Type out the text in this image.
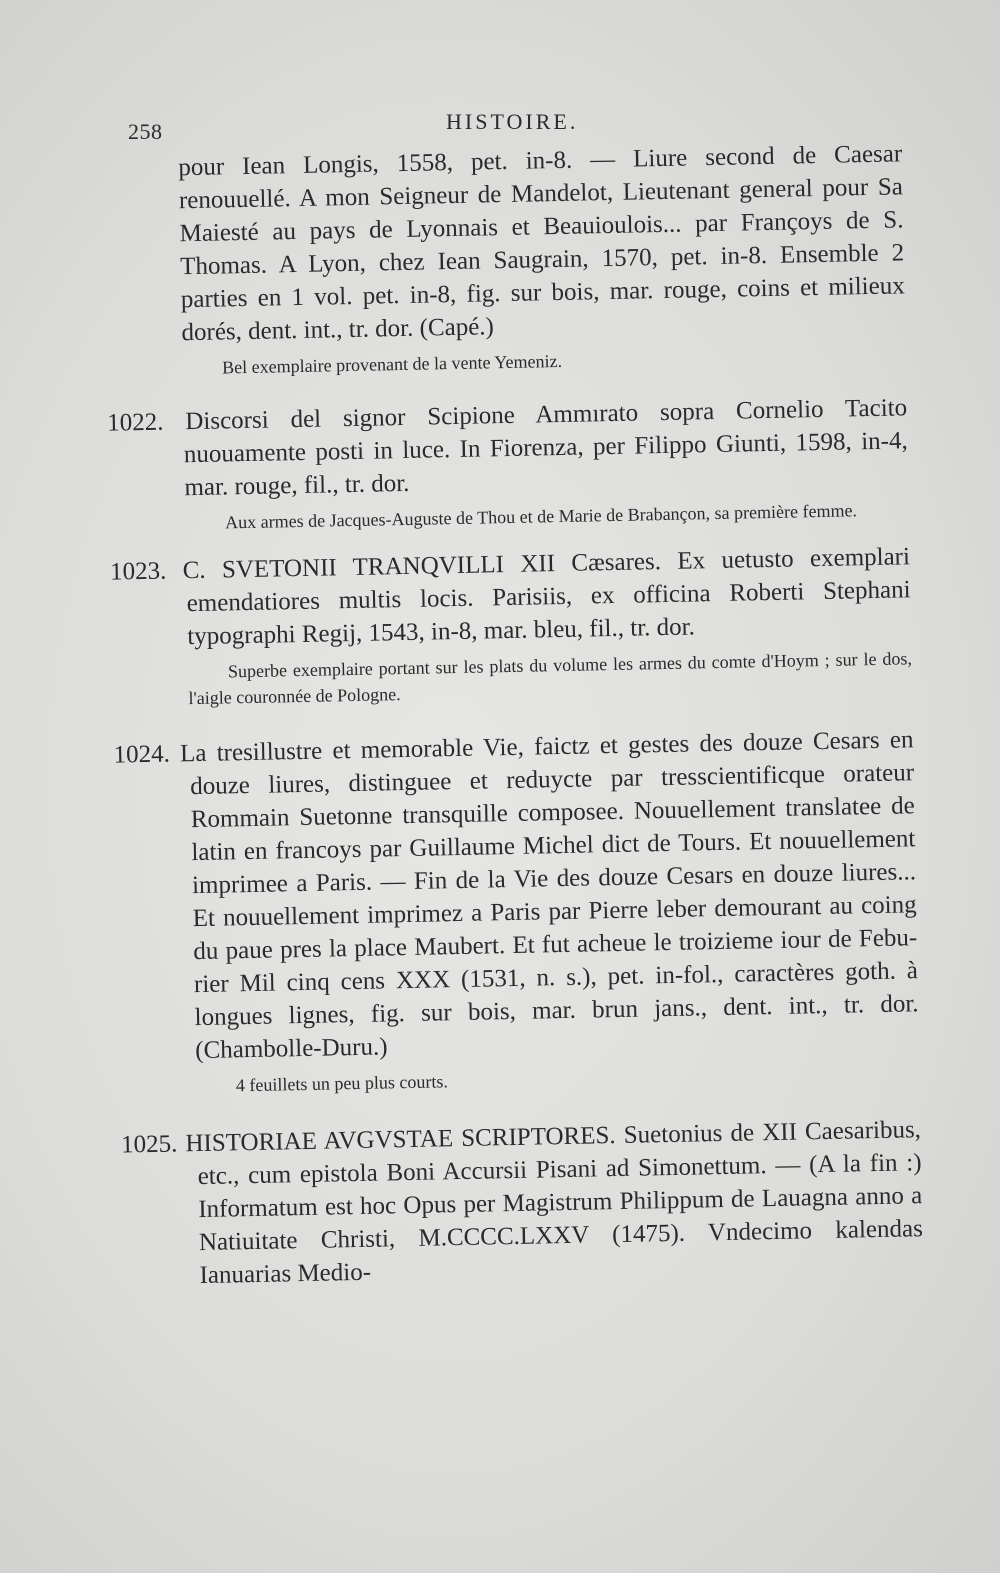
258	HISTOIRE.
pour Iean Longis, 1558, pet. in-8. — Liure second de Caesar renouuellé. A mon Seigneur de Mandelot, Lieutenant general pour Sa Maiesté au pays de Lyonnais et Beauioulois... par Françoys de S. Thomas. A Lyon, chez Iean Saugrain, 1570, pet. in-8. Ensemble 2 parties en 1 vol. pet. in-8, fig. sur bois, mar. rouge, coins et milieux dorés, dent. int., tr. dor. (Capé.)

Bel exemplaire provenant de la vente Yemeniz.

1022. Discorsi del signor Scipione Ammırato sopra Cornelio Tacito nuouamente posti in luce. In Fiorenza, per Filippo Giunti, 1598, in-4, mar. rouge, fil., tr. dor.

Aux armes de Jacques-Auguste de Thou et de Marie de Brabançon, sa première femme.

1023. C. SVETONII TRANQVILLI XII Cæsares. Ex uetusto exemplari emendatiores multis locis. Parisiis, ex officina Roberti Stephani typographi Regij, 1543, in-8, mar. bleu, fil., tr. dor.

Superbe exemplaire portant sur les plats du volume les armes du comte d'Hoym ; sur le dos, l'aigle couronnée de Pologne.

1024. La tresillustre et memorable Vie, faictz et gestes des douze Cesars en douze liures, distinguee et reduycte par tresscientificque orateur Rommain Suetonne transquille composee. Nouuellement translatee de latin en francoys par Guillaume Michel dict de Tours. Et nouuellement imprimee a Paris. — Fin de la Vie des douze Cesars en douze liures... Et nouuellement imprimez a Paris par Pierre leber demourant au coing du paue pres la place Maubert. Et fut acheue le troizieme iour de Febu-rier Mil cinq cens XXX (1531, n. s.), pet. in-fol., caractères goth. à longues lignes, fig. sur bois, mar. brun jans., dent. int., tr. dor. (Chambolle-Duru.)

4 feuillets un peu plus courts.

1025. HISTORIAE AVGVSTAE SCRIPTORES. Suetonius de XII Caesaribus, etc., cum epistola Boni Accursii Pisani ad Simonettum. — (A la fin :) Informatum est hoc Opus per Magistrum Philippum de Lauagna anno a Natiuitate Christi, M.CCCC.LXXV (1475). Vndecimo kalendas Ianuarias Medio-
